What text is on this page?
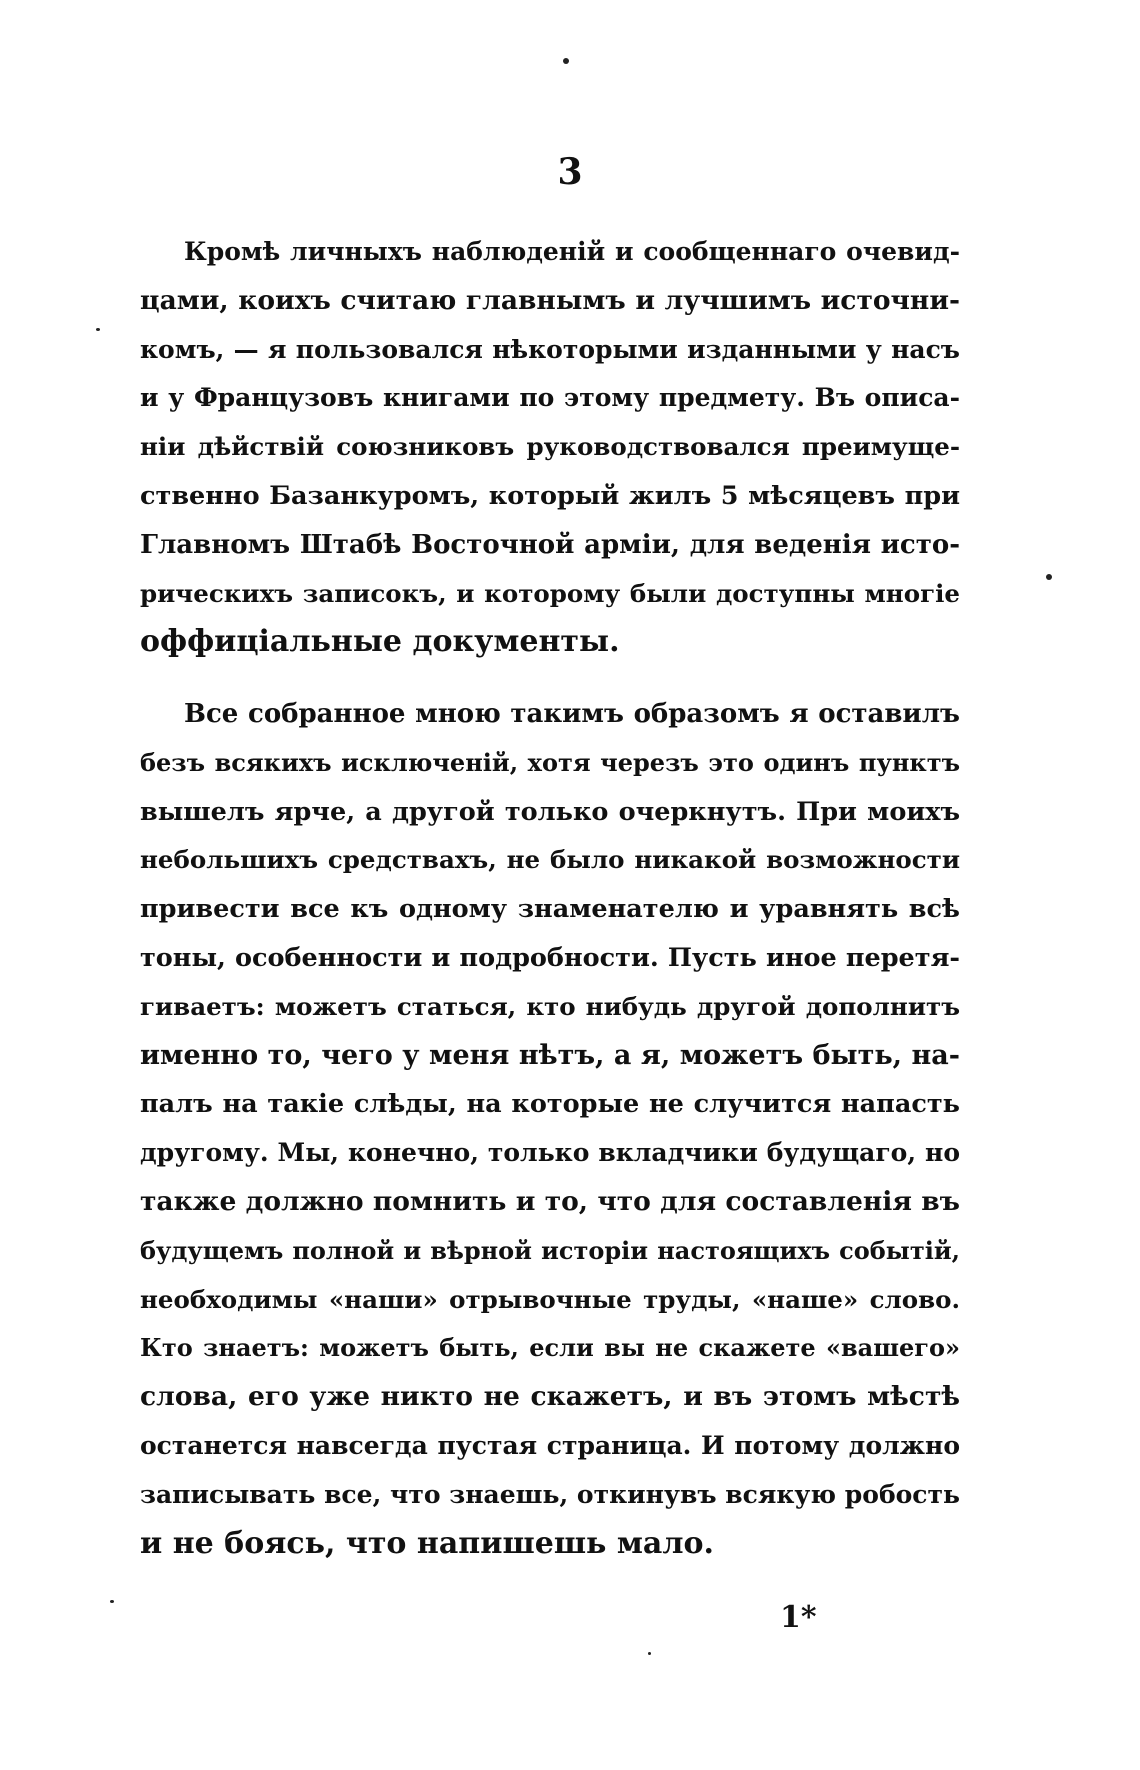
3
Кромѣ личныхъ наблюденій и сообщеннаго очевид-
цами, коихъ считаю главнымъ и лучшимъ источни-
комъ, — я пользовался нѣкоторыми изданными у насъ
и у Французовъ книгами по этому предмету. Въ описа-
ніи дѣйствій союзниковъ руководствовался преимуще-
ственно Базанкуромъ, который жилъ 5 мѣсяцевъ при
Главномъ Штабѣ Восточной арміи, для веденія исто-
рическихъ записокъ, и которому были доступны многіе
оффиціальные документы.
Все собранное мною такимъ образомъ я оставилъ
безъ всякихъ исключеній, хотя черезъ это одинъ пунктъ
вышелъ ярче, а другой только очеркнутъ. При моихъ
небольшихъ средствахъ, не было никакой возможности
привести все къ одному знаменателю и уравнять всѣ
тоны, особенности и подробности. Пусть иное перетя-
гиваетъ: можетъ статься, кто нибудь другой дополнитъ
именно то, чего у меня нѣтъ, а я, можетъ быть, на-
палъ на такіе слѣды, на которые не случится напасть
другому. Мы, конечно, только вкладчики будущаго, но
также должно помнить и то, что для составленія въ
будущемъ полной и вѣрной исторіи настоящихъ событій,
необходимы «наши» отрывочные труды, «наше» слово.
Кто знаетъ: можетъ быть, если вы не скажете «вашего»
слова, его уже никто не скажетъ, и въ этомъ мѣстѣ
останется навсегда пустая страница. И потому должно
записывать все, что знаешь, откинувъ всякую робость
и не боясь, что напишешь мало.
1*
